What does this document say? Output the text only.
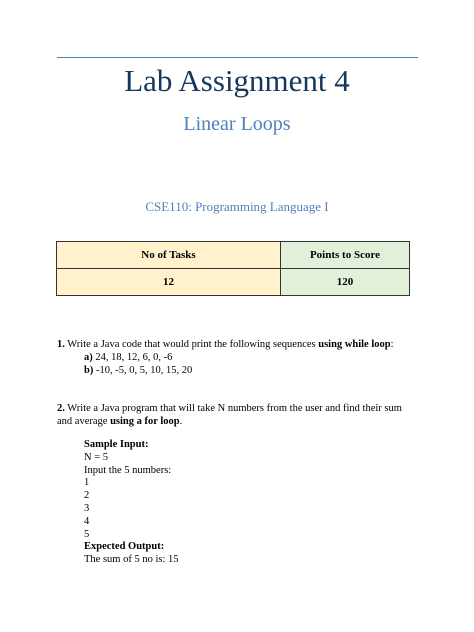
Lab Assignment 4
Linear Loops
CSE110: Programming Language I
No of Tasks	Points to Score
12	120
1. Write a Java code that would print the following sequences using while loop:
a) 24, 18, 12, 6, 0, -6
b) -10, -5, 0, 5, 10, 15, 20
2. Write a Java program that will take N numbers from the user and find their sum and average using a for loop.
Sample Input:
N = 5
Input the 5 numbers:
1
2
3
4
5
Expected Output:
The sum of 5 no is: 15
